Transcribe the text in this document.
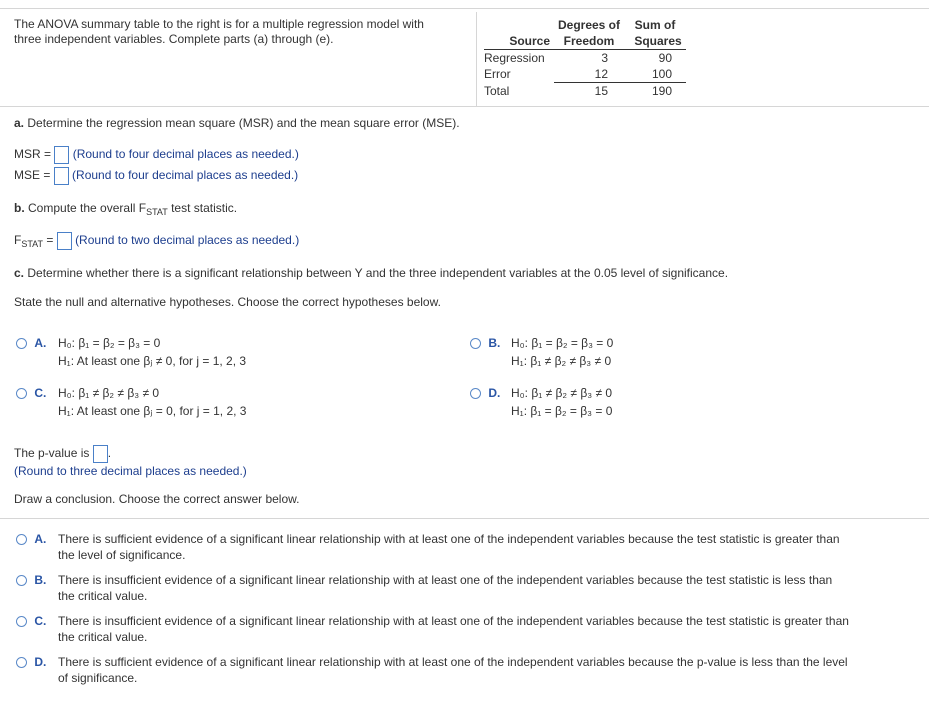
The ANOVA summary table to the right is for a multiple regression model with
three independent variables. Complete parts (a) through (e).
	Degrees of	Sum of
Source	Freedom	Squares
Regression	3	90
Error	12	100
Total	15	190
a. Determine the regression mean square (MSR) and the mean square error (MSE).
MSR = (Round to four decimal places as needed.)
MSE = (Round to four decimal places as needed.)
b. Compute the overall $F_{STAT}$ test statistic.
$F_{STAT}$ = (Round to two decimal places as needed.)
c. Determine whether there is a significant relationship between Y and the three independent variables at the 0.05 level of significance.
State the null and alternative hypotheses. Choose the correct hypotheses below.
A. H₀: β₁ = β₂ = β₃ = 0
H₁: At least one βⱼ ≠ 0, for j = 1, 2, 3
B. H₀: β₁ = β₂ = β₃ = 0
H₁: β₁ ≠ β₂ ≠ β₃ ≠ 0
C. H₀: β₁ ≠ β₂ ≠ β₃ ≠ 0
H₁: At least one βⱼ = 0, for j = 1, 2, 3
D. H₀: β₁ ≠ β₂ ≠ β₃ ≠ 0
H₁: β₁ = β₂ = β₃ = 0
The p-value is .
(Round to three decimal places as needed.)
Draw a conclusion. Choose the correct answer below.
A. There is sufficient evidence of a significant linear relationship with at least one of the independent variables because the test statistic is greater than
the level of significance.
B. There is insufficient evidence of a significant linear relationship with at least one of the independent variables because the test statistic is less than
the critical value.
C. There is insufficient evidence of a significant linear relationship with at least one of the independent variables because the test statistic is greater than
the critical value.
D. There is sufficient evidence of a significant linear relationship with at least one of the independent variables because the p-value is less than the level
of significance.
